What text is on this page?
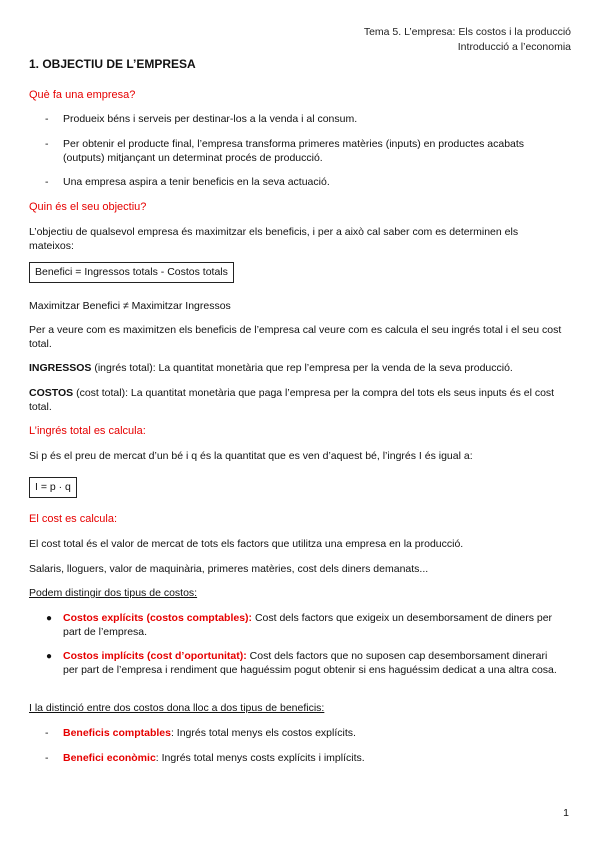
Tema 5. L’empresa: Els costos i la producció
Introducció a l’economia
1. OBJECTIU DE L’EMPRESA
Què fa una empresa?
- Produeix béns i serveis per destinar-los a la venda i al consum.
- Per obtenir el producte final, l’empresa transforma primeres matèries (inputs) en productes acabats (outputs) mitjançant un determinat procés de producció.
- Una empresa aspira a tenir beneficis en la seva actuació.
Quin és el seu objectiu?
L’objectiu de qualsevol empresa és maximitzar els beneficis, i per a això cal saber com es determinen els mateixos:
Benefici = Ingressos totals - Costos totals
Maximitzar Benefici ≠ Maximitzar Ingressos
Per a veure com es maximitzen els beneficis de l’empresa cal veure com es calcula el seu ingrés total i el seu cost total.
INGRESSOS (ingrés total): La quantitat monetària que rep l’empresa per la venda de la seva producció.
COSTOS (cost total): La quantitat monetària que paga l’empresa per la compra del tots els seus inputs és el cost total.
L’ingrés total es calcula:
Si p és el preu de mercat d’un bé i q és la quantitat que es ven d’aquest bé, l’ingrés I és igual a:
I = p · q
El cost es calcula:
El cost total és el valor de mercat de tots els factors que utilitza una empresa en la producció.
Salaris, lloguers, valor de maquinària, primeres matèries, cost dels diners demanats...
Podem distingir dos tipus de costos:
● Costos explícits (costos comptables): Cost dels factors que exigeix un desemborsament de diners per part de l’empresa.
● Costos implícits (cost d’oportunitat): Cost dels factors que no suposen cap desemborsament dinerari per part de l’empresa i rendiment que haguéssim pogut obtenir si ens haguéssim dedicat a una altra cosa.
I la distinció entre dos costos dona lloc a dos tipus de beneficis:
- Beneficis comptables: Ingrés total menys els costos explícits.
- Benefici econòmic: Ingrés total menys costs explícits i implícits.
1
